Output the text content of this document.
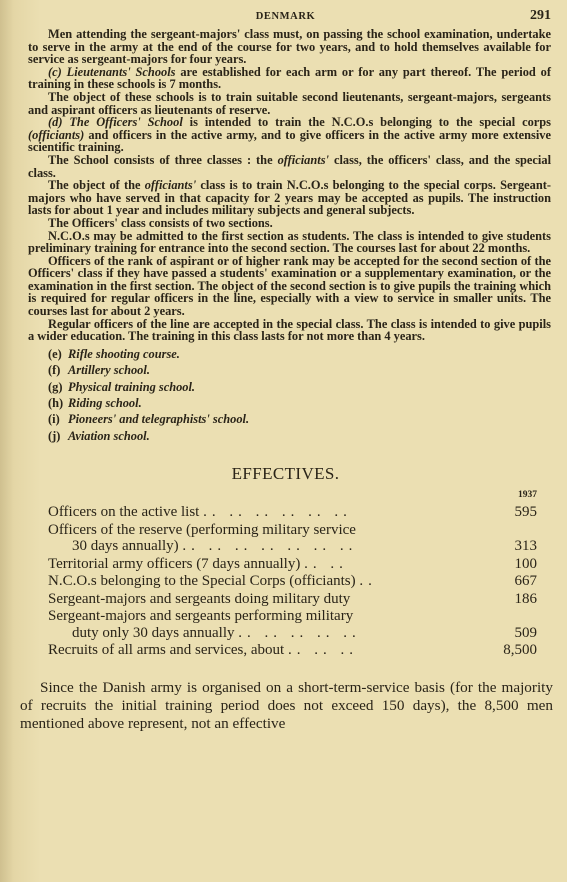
DENMARK	291

Men attending the sergeant-majors' class must, on passing the school examination, undertake to serve in the army at the end of the course for two years, and to hold themselves available for service as sergeant-majors for four years.

(c) Lieutenants' Schools are established for each arm or for any part thereof. The period of training in these schools is 7 months.

The object of these schools is to train suitable second lieutenants, sergeant-majors, sergeants and aspirant officers as lieutenants of reserve.

(d) The Officers' School is intended to train the N.C.O.s belonging to the special corps (officiants) and officers in the active army, and to give officers in the active army more extensive scientific training.

The School consists of three classes : the officiants' class, the officers' class, and the special class.

The object of the officiants' class is to train N.C.O.s belonging to the special corps. Sergeant-majors who have served in that capacity for 2 years may be accepted as pupils. The instruction lasts for about 1 year and includes military subjects and general subjects.

The Officers' class consists of two sections.

N.C.O.s may be admitted to the first section as students. The class is intended to give students preliminary training for entrance into the second section. The courses last for about 22 months.

Officers of the rank of aspirant or of higher rank may be accepted for the second section of the Officers' class if they have passed a students' examination or a supplementary examination, or the examination in the first section. The object of the second section is to give pupils the training which is required for regular officers in the line, especially with a view to service in smaller units. The courses last for about 2 years.

Regular officers of the line are accepted in the special class. The class is intended to give pupils a wider education. The training in this class lasts for not more than 4 years.

(e) Rifle shooting course.
(f) Artillery school.
(g) Physical training school.
(h) Riding school.
(i) Pioneers' and telegraphists' school.
(j) Aviation school.
EFFECTIVES.
1937
Officers on the active list .. .. .. .. .. ..	595
Officers of the reserve (performing military service
30 days annually) .. .. .. .. .. .. ..	313
Territorial army officers (7 days annually) .. ..	100
N.C.O.s belonging to the Special Corps (officiants) ..	667
Sergeant-majors and sergeants doing military duty	186
Sergeant-majors and sergeants performing military
duty only 30 days annually .. .. .. .. ..	509
Recruits of all arms and services, about .. .. ..	8,500

Since the Danish army is organised on a short-term-service basis (for the majority of recruits the initial training period does not exceed 150 days), the 8,500 men mentioned above represent, not an effective
